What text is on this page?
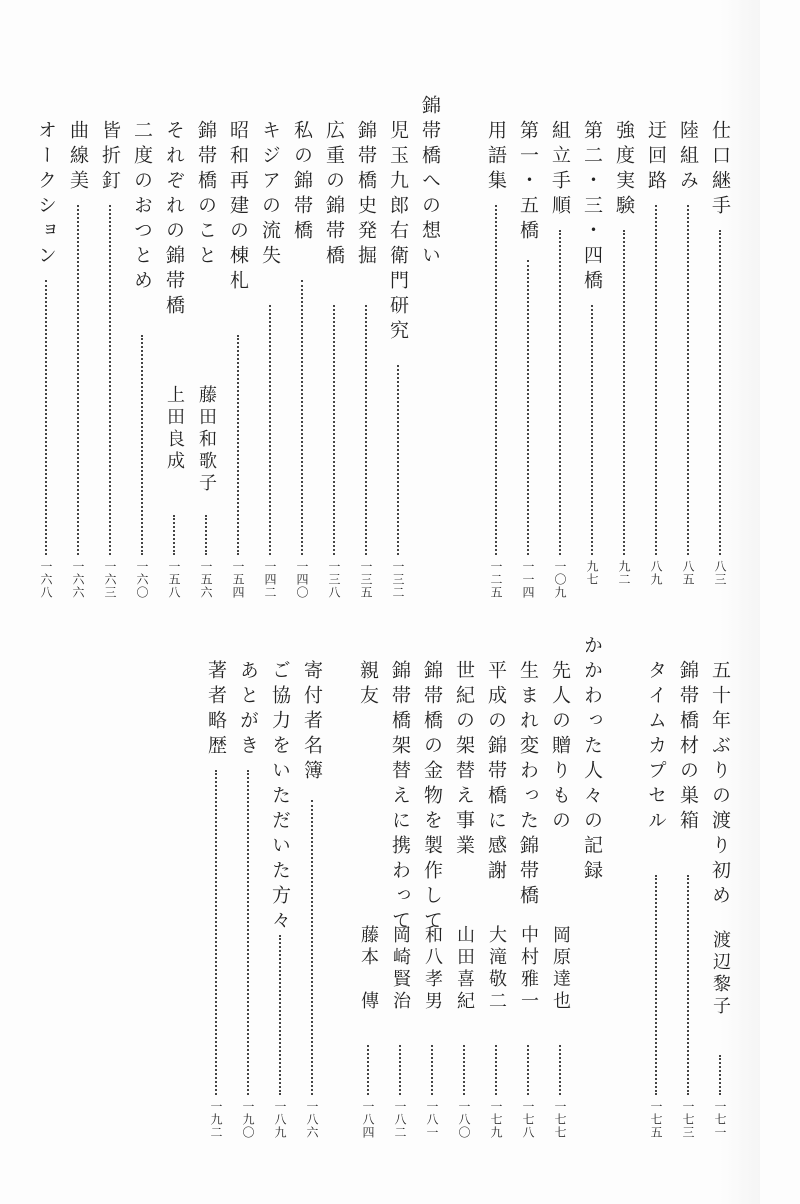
仕口継手
八三
陸組み
八五
迂回路
八九
強度実験
九二
第二・三・四橋
九七
組立手順
一〇九
第一・五橋
一一四
用語集
一二五
錦帯橋への想い
児玉九郎右衛門研究
一三二
錦帯橋史発掘
一三五
広重の錦帯橋
一三八
私の錦帯橋
一四〇
キジアの流失
一四二
昭和再建の棟札
一五四
錦帯橋のこと
藤田和歌子
一五六
それぞれの錦帯橋
上田良成
一五八
二度のおつとめ
一六〇
皆折釘
一六三
曲線美
一六六
オークション
一六八
五十年ぶりの渡り初め
渡辺黎子
一七一
錦帯橋材の巣箱
一七三
タイムカプセル
一七五
かかわった人々の記録
先人の贈りもの
岡原達也
一七七
生まれ変わった錦帯橋
中村雅一
一七八
平成の錦帯橋に感謝
大滝敬二
一七九
世紀の架替え事業
山田喜紀
一八〇
錦帯橋の金物を製作して
和八孝男
一八一
錦帯橋架替えに携わって
岡崎賢治
一八二
親友
藤本　傳
一八四
寄付者名簿
一八六
ご協力をいただいた方々
一八九
あとがき
一九〇
著者略歴
一九二
